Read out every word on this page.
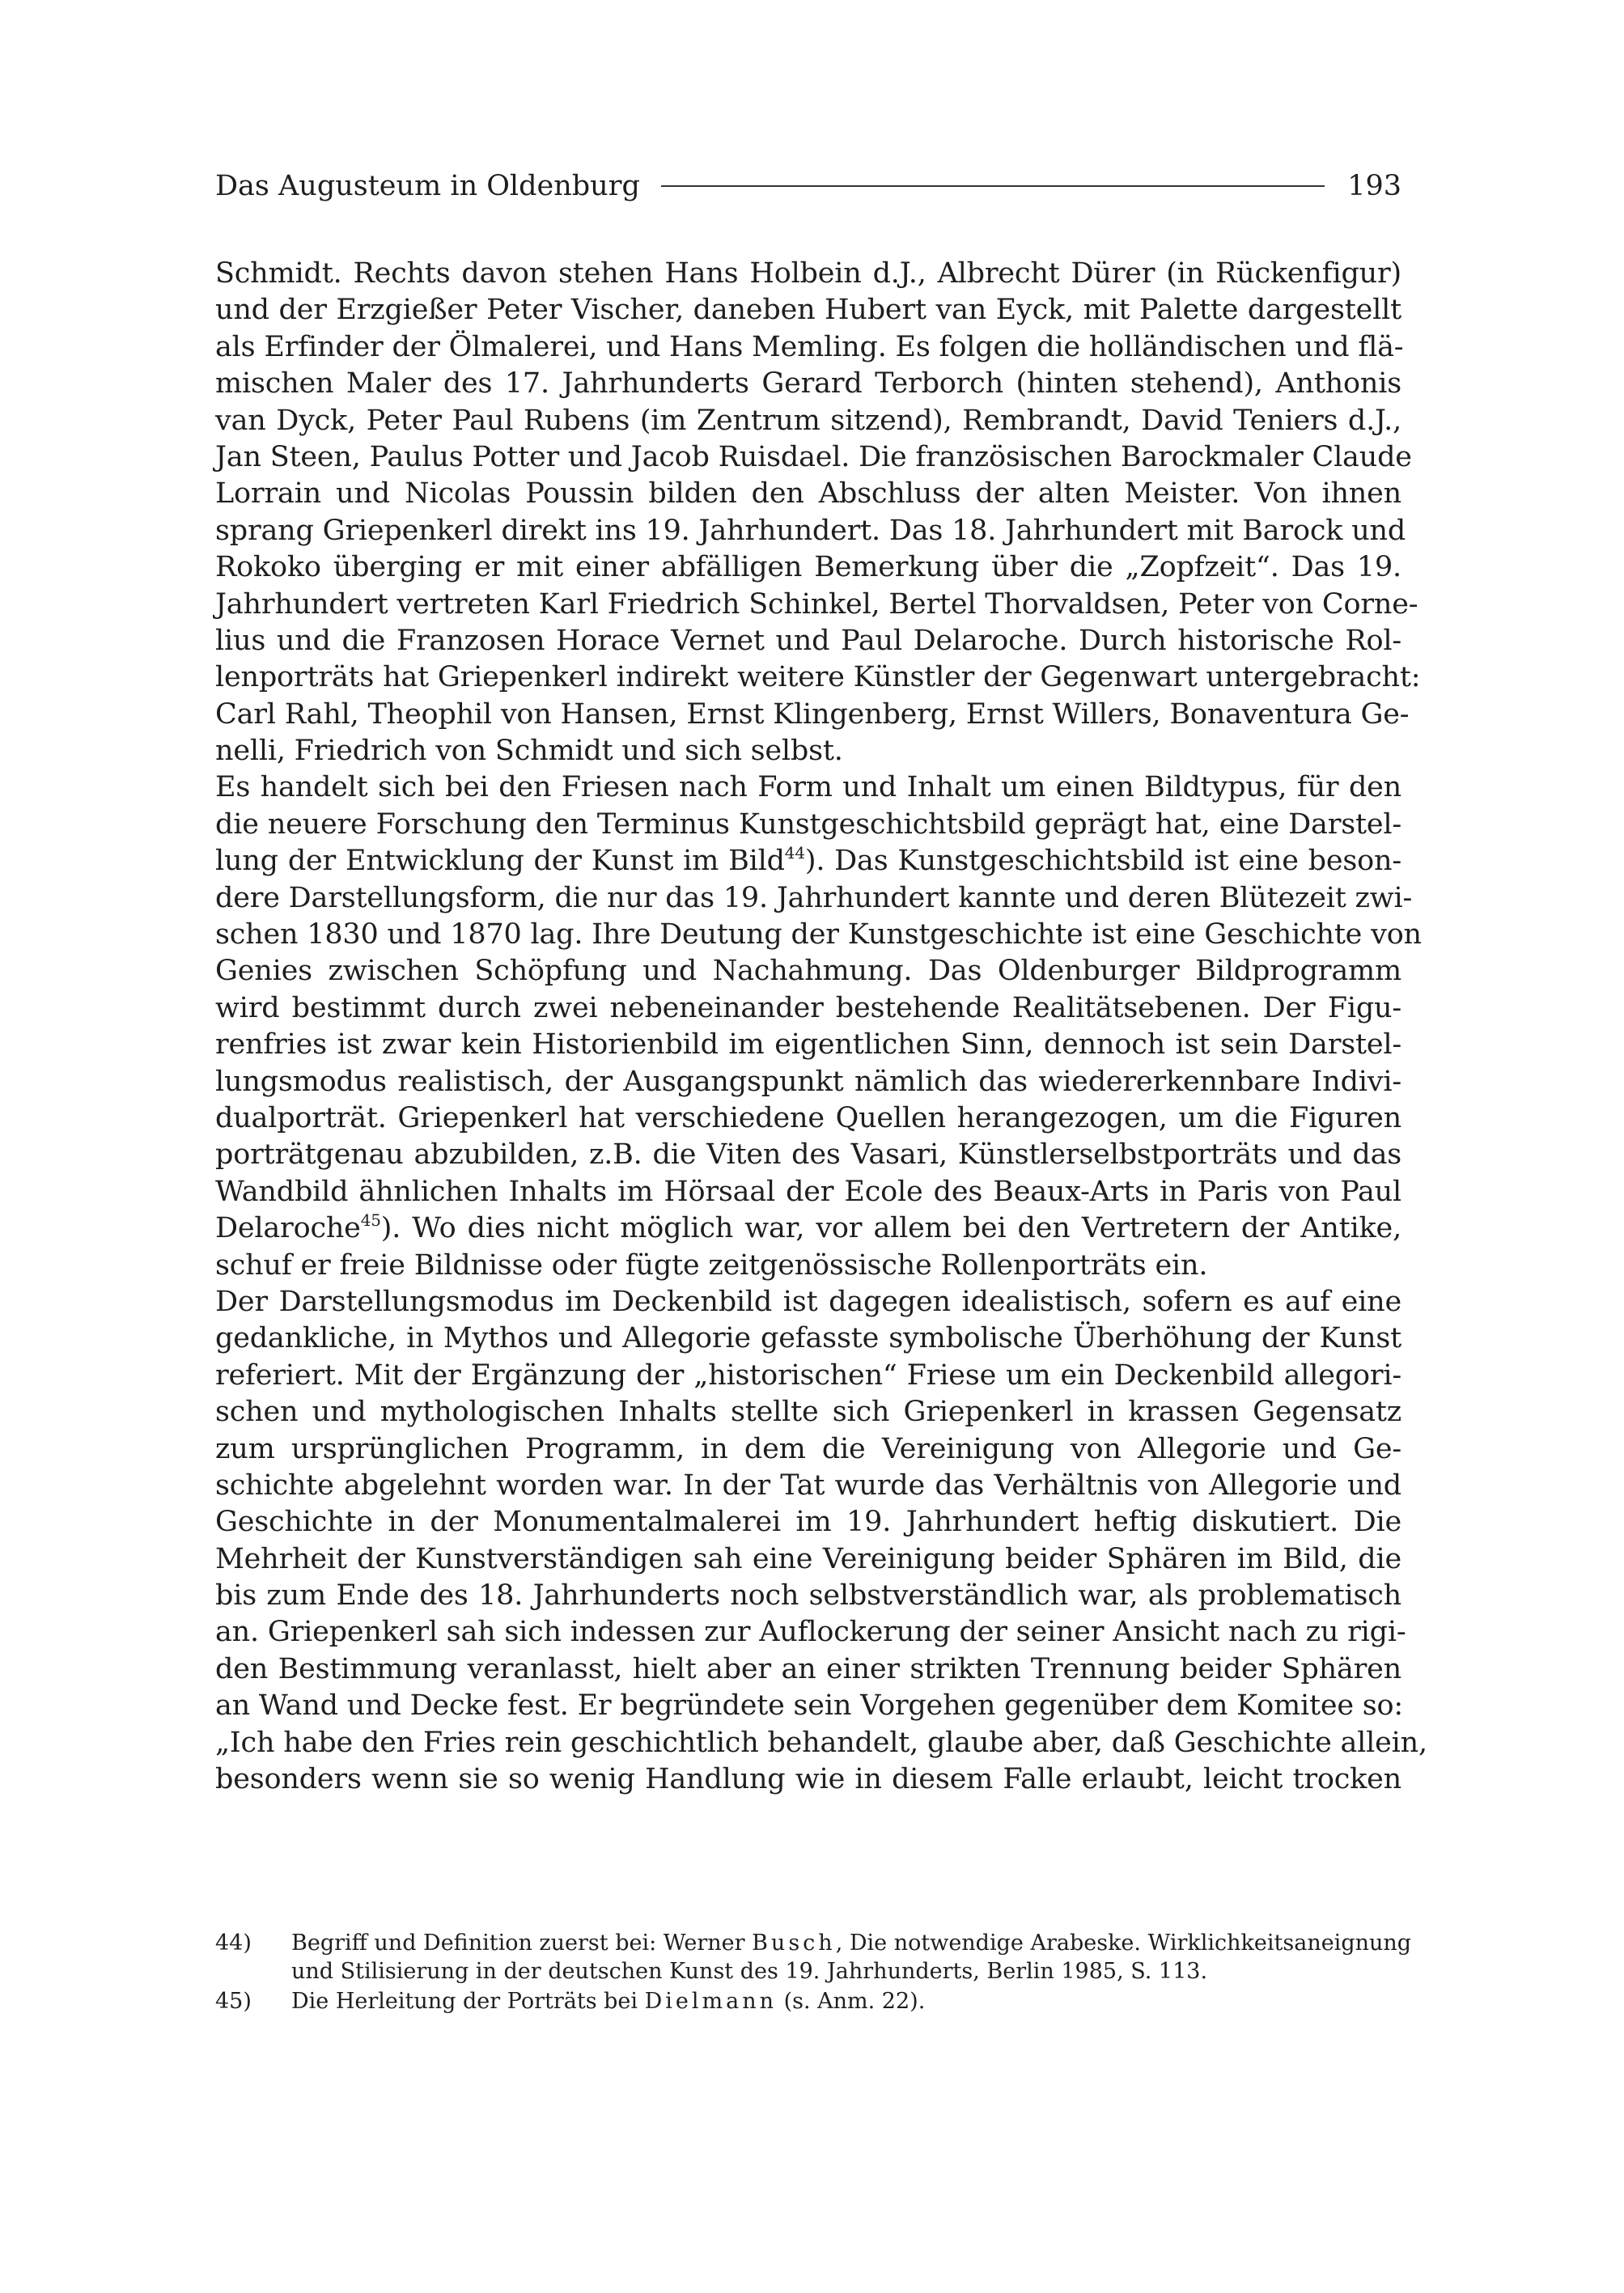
Das Augusteum in Oldenburg	193
Schmidt. Rechts davon stehen Hans Holbein d.J., Albrecht Dürer (in Rückenfigur)
und der Erzgießer Peter Vischer, daneben Hubert van Eyck, mit Palette dargestellt
als Erfinder der Ölmalerei, und Hans Memling. Es folgen die holländischen und flä-
mischen Maler des 17. Jahrhunderts Gerard Terborch (hinten stehend), Anthonis
van Dyck, Peter Paul Rubens (im Zentrum sitzend), Rembrandt, David Teniers d.J.,
Jan Steen, Paulus Potter und Jacob Ruisdael. Die französischen Barockmaler Claude
Lorrain und Nicolas Poussin bilden den Abschluss der alten Meister. Von ihnen
sprang Griepenkerl direkt ins 19. Jahrhundert. Das 18. Jahrhundert mit Barock und
Rokoko überging er mit einer abfälligen Bemerkung über die „Zopfzeit“. Das 19.
Jahrhundert vertreten Karl Friedrich Schinkel, Bertel Thorvaldsen, Peter von Corne-
lius und die Franzosen Horace Vernet und Paul Delaroche. Durch historische Rol-
lenporträts hat Griepenkerl indirekt weitere Künstler der Gegenwart untergebracht:
Carl Rahl, Theophil von Hansen, Ernst Klingenberg, Ernst Willers, Bonaventura Ge-
nelli, Friedrich von Schmidt und sich selbst.
Es handelt sich bei den Friesen nach Form und Inhalt um einen Bildtypus, für den
die neuere Forschung den Terminus Kunstgeschichtsbild geprägt hat, eine Darstel-
lung der Entwicklung der Kunst im Bild$^{44}$). Das Kunstgeschichtsbild ist eine beson-
dere Darstellungsform, die nur das 19. Jahrhundert kannte und deren Blütezeit zwi-
schen 1830 und 1870 lag. Ihre Deutung der Kunstgeschichte ist eine Geschichte von
Genies zwischen Schöpfung und Nachahmung. Das Oldenburger Bildprogramm
wird bestimmt durch zwei nebeneinander bestehende Realitätsebenen. Der Figu-
renfries ist zwar kein Historienbild im eigentlichen Sinn, dennoch ist sein Darstel-
lungsmodus realistisch, der Ausgangspunkt nämlich das wiedererkennbare Indivi-
dualporträt. Griepenkerl hat verschiedene Quellen herangezogen, um die Figuren
porträtgenau abzubilden, z.B. die Viten des Vasari, Künstlerselbstporträts und das
Wandbild ähnlichen Inhalts im Hörsaal der Ecole des Beaux-Arts in Paris von Paul
Delaroche$^{45}$). Wo dies nicht möglich war, vor allem bei den Vertretern der Antike,
schuf er freie Bildnisse oder fügte zeitgenössische Rollenporträts ein.
Der Darstellungsmodus im Deckenbild ist dagegen idealistisch, sofern es auf eine
gedankliche, in Mythos und Allegorie gefasste symbolische Überhöhung der Kunst
referiert. Mit der Ergänzung der „historischen“ Friese um ein Deckenbild allegori-
schen und mythologischen Inhalts stellte sich Griepenkerl in krassen Gegensatz
zum ursprünglichen Programm, in dem die Vereinigung von Allegorie und Ge-
schichte abgelehnt worden war. In der Tat wurde das Verhältnis von Allegorie und
Geschichte in der Monumentalmalerei im 19. Jahrhundert heftig diskutiert. Die
Mehrheit der Kunstverständigen sah eine Vereinigung beider Sphären im Bild, die
bis zum Ende des 18. Jahrhunderts noch selbstverständlich war, als problematisch
an. Griepenkerl sah sich indessen zur Auflockerung der seiner Ansicht nach zu rigi-
den Bestimmung veranlasst, hielt aber an einer strikten Trennung beider Sphären
an Wand und Decke fest. Er begründete sein Vorgehen gegenüber dem Komitee so:
„Ich habe den Fries rein geschichtlich behandelt, glaube aber, daß Geschichte allein,
besonders wenn sie so wenig Handlung wie in diesem Falle erlaubt, leicht trocken
44)	Begriff und Definition zuerst bei: Werner Busch, Die notwendige Arabeske. Wirklichkeitsaneignung
und Stilisierung in der deutschen Kunst des 19. Jahrhunderts, Berlin 1985, S. 113.
45)	Die Herleitung der Porträts bei Dielmann (s. Anm. 22).
